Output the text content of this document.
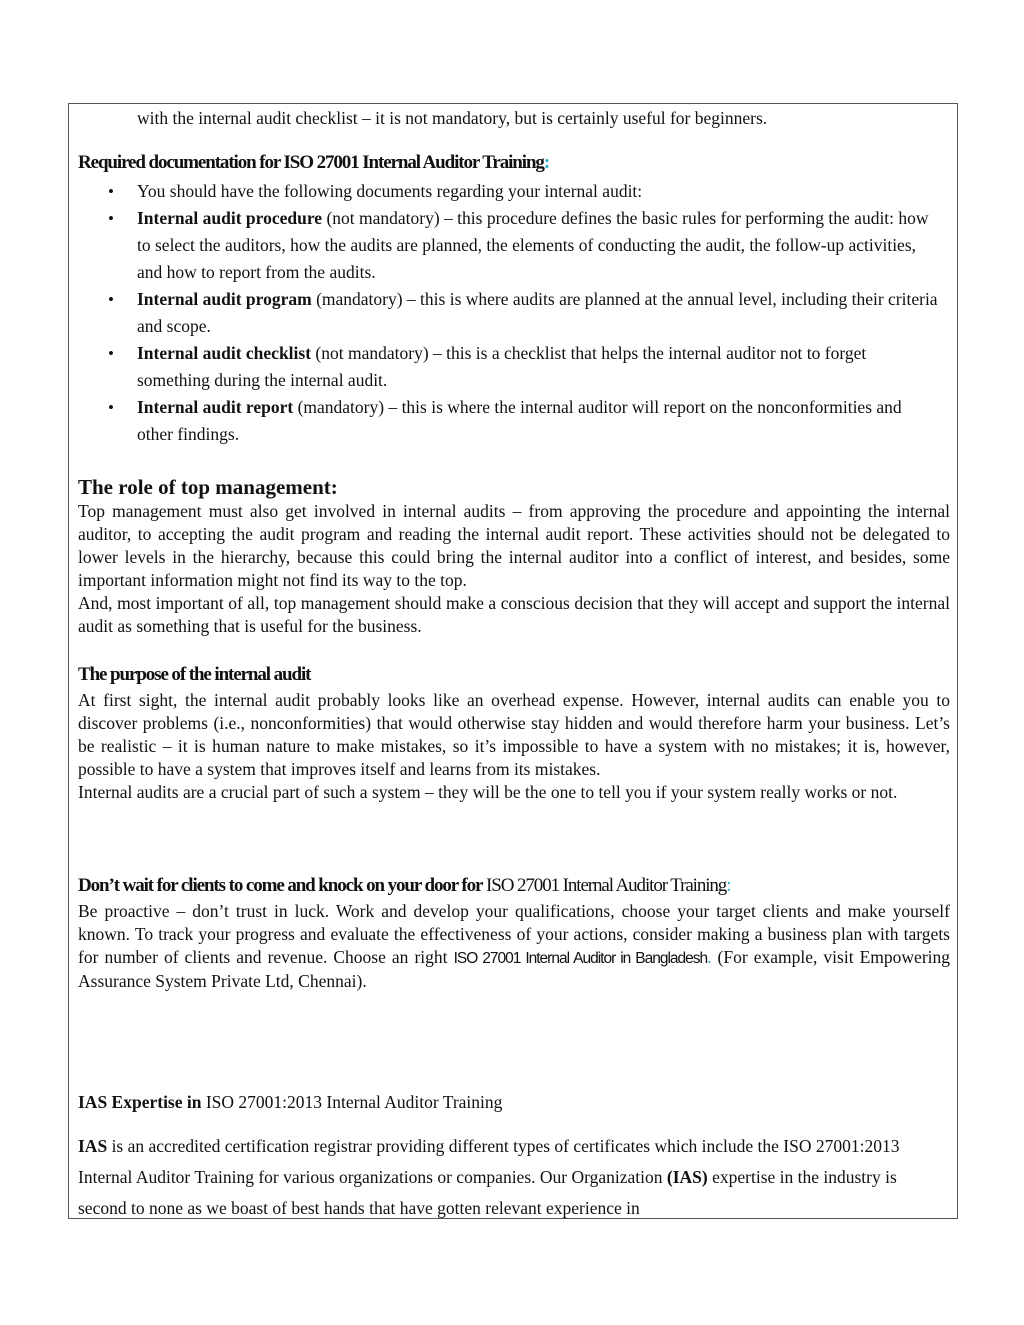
with the internal audit checklist – it is not mandatory, but is certainly useful for beginners.
Required documentation for ISO 27001 Internal Auditor Training:
• You should have the following documents regarding your internal audit:
• Internal audit procedure (not mandatory) – this procedure defines the basic rules for performing the audit: how to select the auditors, how the audits are planned, the elements of conducting the audit, the follow-up activities, and how to report from the audits.
• Internal audit program (mandatory) – this is where audits are planned at the annual level, including their criteria and scope.
• Internal audit checklist (not mandatory) – this is a checklist that helps the internal auditor not to forget something during the internal audit.
• Internal audit report (mandatory) – this is where the internal auditor will report on the nonconformities and other findings.
The role of top management:

Top management must also get involved in internal audits – from approving the procedure and appointing the internal auditor, to accepting the audit program and reading the internal audit report. These activities should not be delegated to lower levels in the hierarchy, because this could bring the internal auditor into a conflict of interest, and besides, some important information might not find its way to the top.

And, most important of all, top management should make a conscious decision that they will accept and support the internal audit as something that is useful for the business.

The purpose of the internal audit

At first sight, the internal audit probably looks like an overhead expense. However, internal audits can enable you to discover problems (i.e., nonconformities) that would otherwise stay hidden and would therefore harm your business. Let’s be realistic – it is human nature to make mistakes, so it’s impossible to have a system with no mistakes; it is, however, possible to have a system that improves itself and learns from its mistakes.

Internal audits are a crucial part of such a system – they will be the one to tell you if your system really works or not.

Don’t wait for clients to come and knock on your door for ISO 27001 Internal Auditor Training:

Be proactive – don’t trust in luck. Work and develop your qualifications, choose your target clients and make yourself known. To track your progress and evaluate the effectiveness of your actions, consider making a business plan with targets for number of clients and revenue. Choose an right ISO 27001 Internal Auditor in Bangladesh. (For example, visit Empowering Assurance System Private Ltd, Chennai).

IAS Expertise in ISO 27001:2013 Internal Auditor Training
IAS is an accredited certification registrar providing different types of certificates which include the ISO 27001:2013 Internal Auditor Training for various organizations or companies. Our Organization (IAS) expertise in the industry is second to none as we boast of best hands that have gotten relevant experience in
